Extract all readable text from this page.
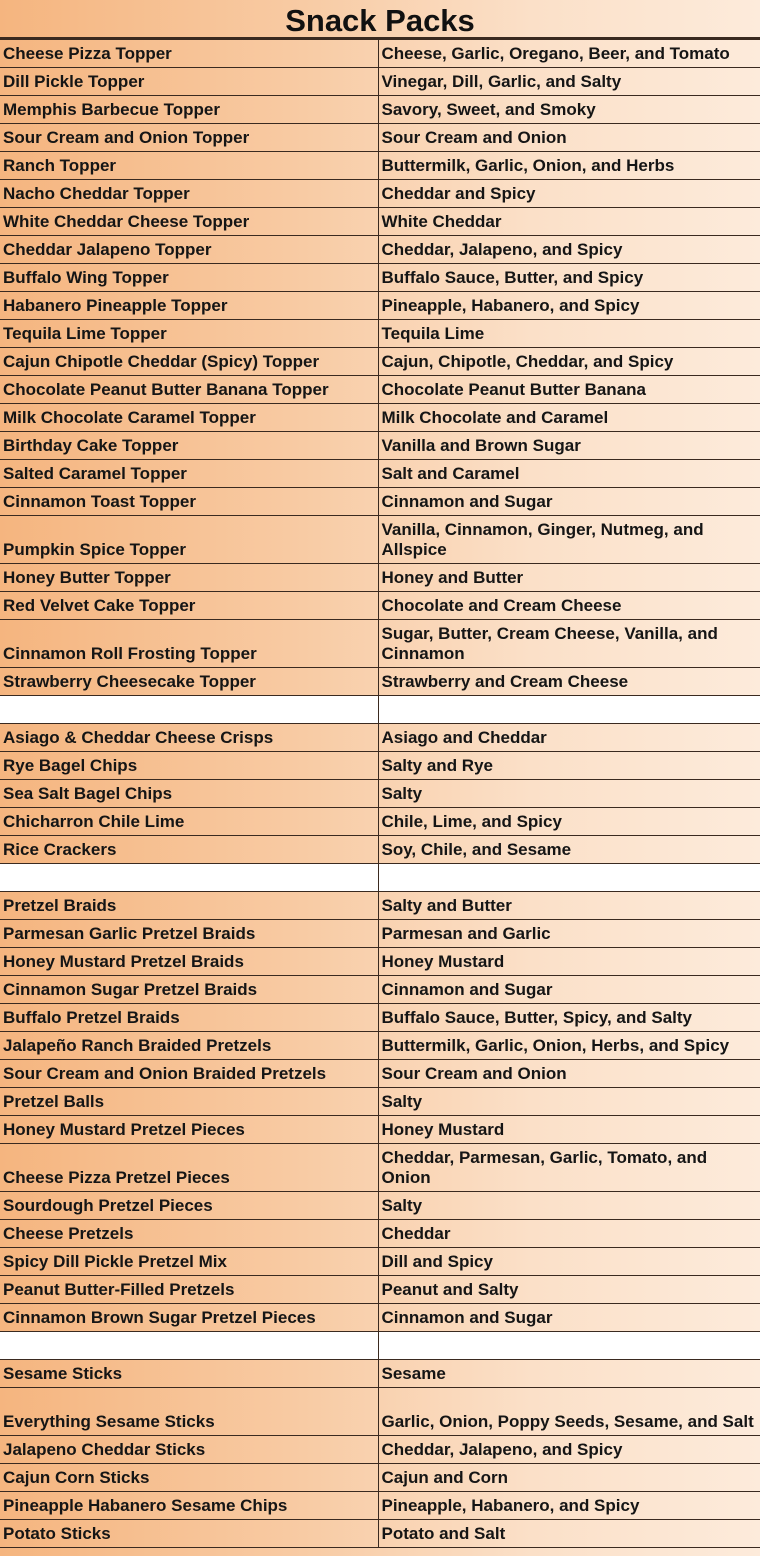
Snack Packs
Cheese Pizza Topper	Cheese, Garlic, Oregano, Beer, and Tomato
Dill Pickle Topper	Vinegar, Dill, Garlic, and Salty
Memphis Barbecue Topper	Savory, Sweet, and Smoky
Sour Cream and Onion Topper	Sour Cream and Onion
Ranch Topper	Buttermilk, Garlic, Onion, and Herbs
Nacho Cheddar Topper	Cheddar and Spicy
White Cheddar Cheese Topper	White Cheddar
Cheddar Jalapeno Topper	Cheddar, Jalapeno, and Spicy
Buffalo Wing Topper	Buffalo Sauce, Butter, and Spicy
Habanero Pineapple Topper	Pineapple, Habanero, and Spicy
Tequila Lime Topper	Tequila Lime
Cajun Chipotle Cheddar (Spicy) Topper	Cajun, Chipotle, Cheddar, and Spicy
Chocolate Peanut Butter Banana Topper	Chocolate Peanut Butter Banana
Milk Chocolate Caramel Topper	Milk Chocolate and Caramel
Birthday Cake Topper	Vanilla and Brown Sugar
Salted Caramel Topper	Salt and Caramel
Cinnamon Toast Topper	Cinnamon and Sugar
Pumpkin Spice Topper	Vanilla, Cinnamon, Ginger, Nutmeg, and Allspice
Honey Butter Topper	Honey and Butter
Red Velvet Cake Topper	Chocolate and Cream Cheese
Cinnamon Roll Frosting Topper	Sugar, Butter, Cream Cheese, Vanilla, and Cinnamon
Strawberry Cheesecake Topper	Strawberry and Cream Cheese

Asiago & Cheddar Cheese Crisps	Asiago and Cheddar
Rye Bagel Chips	Salty and Rye
Sea Salt Bagel Chips	Salty
Chicharron Chile Lime	Chile, Lime, and Spicy
Rice Crackers	Soy, Chile, and Sesame

Pretzel Braids	Salty and Butter
Parmesan Garlic Pretzel Braids	Parmesan and Garlic
Honey Mustard Pretzel Braids	Honey Mustard
Cinnamon Sugar Pretzel Braids	Cinnamon and Sugar
Buffalo Pretzel Braids	Buffalo Sauce, Butter, Spicy, and Salty
Jalapeño Ranch Braided Pretzels	Buttermilk, Garlic, Onion, Herbs, and Spicy
Sour Cream and Onion Braided Pretzels	Sour Cream and Onion
Pretzel Balls	Salty
Honey Mustard Pretzel Pieces	Honey Mustard
Cheese Pizza Pretzel Pieces	Cheddar, Parmesan, Garlic, Tomato, and Onion
Sourdough Pretzel Pieces	Salty
Cheese Pretzels	Cheddar
Spicy Dill Pickle Pretzel Mix	Dill and Spicy
Peanut Butter-Filled Pretzels	Peanut and Salty
Cinnamon Brown Sugar Pretzel Pieces	Cinnamon and Sugar

Sesame Sticks	Sesame
Everything Sesame Sticks	Garlic, Onion, Poppy Seeds, Sesame, and Salt
Jalapeno Cheddar Sticks	Cheddar, Jalapeno, and Spicy
Cajun Corn Sticks	Cajun and Corn
Pineapple Habanero Sesame Chips	Pineapple, Habanero, and Spicy
Potato Sticks	Potato and Salt
